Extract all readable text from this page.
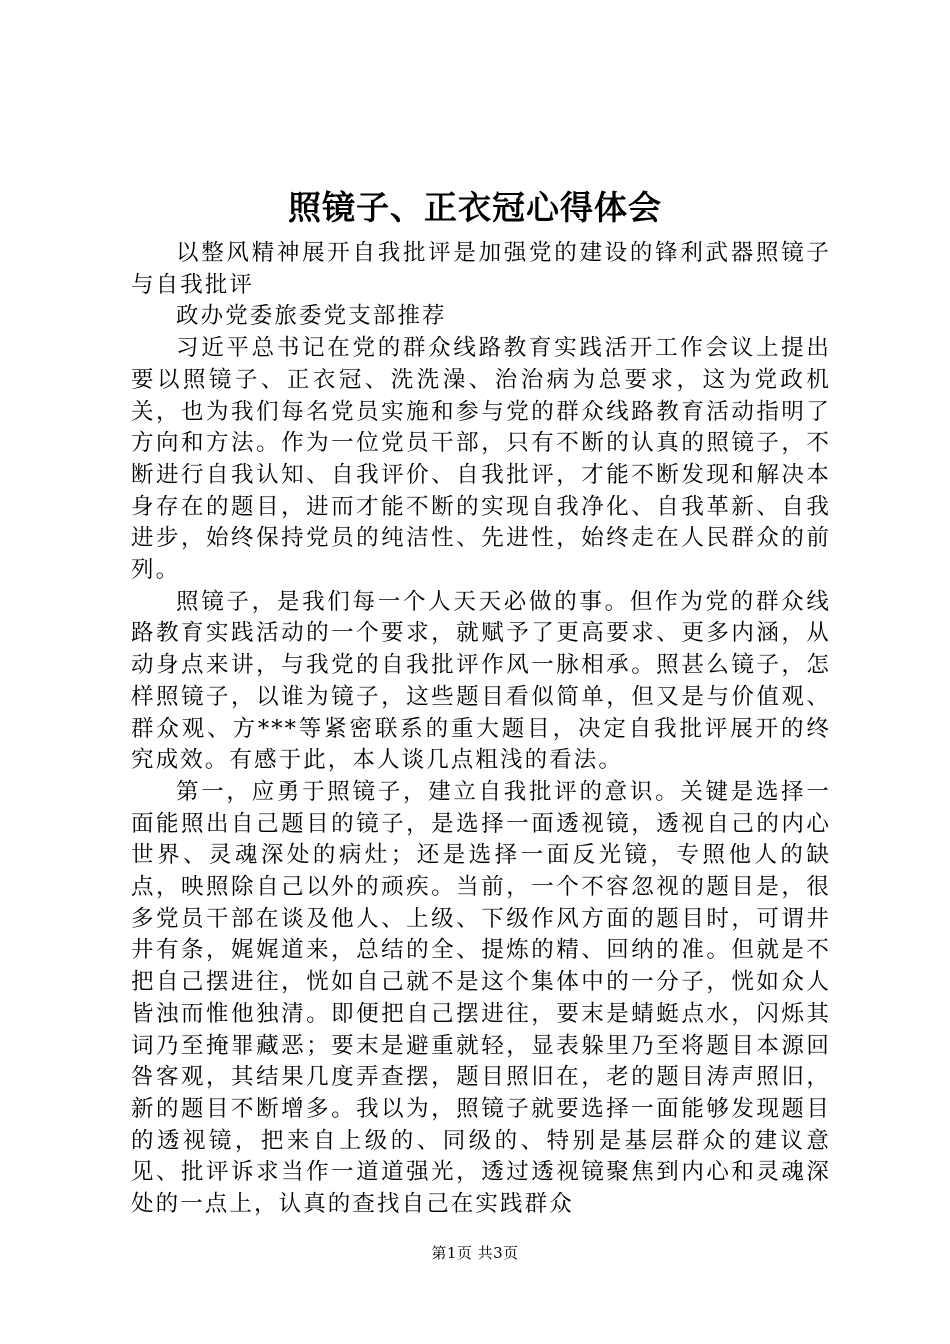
照镜子、正衣冠心得体会

以整风精神展开自我批评是加强党的建设的锋利武器照镜子与自我批评

政办党委旅委党支部推荐

习近平总书记在党的群众线路教育实践活开工作会议上提出要以照镜子、正衣冠、洗洗澡、治治病为总要求，这为党政机关，也为我们每名党员实施和参与党的群众线路教育活动指明了方向和方法。作为一位党员干部，只有不断的认真的照镜子，不断进行自我认知、自我评价、自我批评，才能不断发现和解决本身存在的题目，进而才能不断的实现自我净化、自我革新、自我进步，始终保持党员的纯洁性、先进性，始终走在人民群众的前列。

照镜子，是我们每一个人天天必做的事。但作为党的群众线路教育实践活动的一个要求，就赋予了更高要求、更多内涵，从动身点来讲，与我党的自我批评作风一脉相承。照甚么镜子，怎样照镜子，以谁为镜子，这些题目看似简单，但又是与价值观、群众观、方***等紧密联系的重大题目，决定自我批评展开的终究成效。有感于此，本人谈几点粗浅的看法。

第一，应勇于照镜子，建立自我批评的意识。关键是选择一面能照出自己题目的镜子，是选择一面透视镜，透视自己的内心世界、灵魂深处的病灶；还是选择一面反光镜，专照他人的缺点，映照除自己以外的顽疾。当前，一个不容忽视的题目是，很多党员干部在谈及他人、上级、下级作风方面的题目时，可谓井井有条，娓娓道来，总结的全、提炼的精、回纳的准。但就是不把自己摆进往，恍如自己就不是这个集体中的一分子，恍如众人皆浊而惟他独清。即便把自己摆进往，要末是蜻蜓点水，闪烁其词乃至掩罪藏恶；要末是避重就轻，显表躲里乃至将题目本源回咎客观，其结果几度弄查摆，题目照旧在，老的题目涛声照旧，新的题目不断增多。我以为，照镜子就要选择一面能够发现题目的透视镜，把来自上级的、同级的、特别是基层群众的建议意见、批评诉求当作一道道强光，透过透视镜聚焦到内心和灵魂深处的一点上，认真的查找自己在实践群众

第1页 共3页
